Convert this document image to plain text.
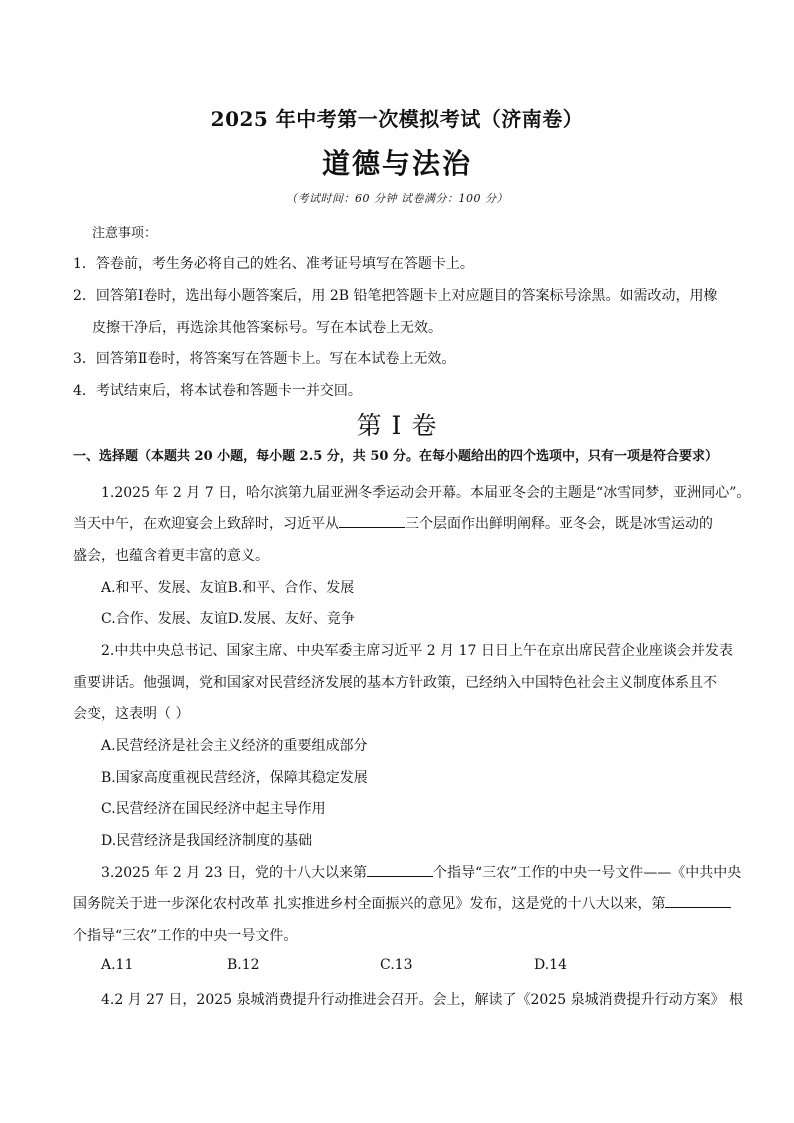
2025 年中考第一次模拟考试（济南卷）
道德与法治
（考试时间：60 分钟 试卷满分：100 分）
注意事项：
1．答卷前，考生务必将自己的姓名、准考证号填写在答题卡上。
2．回答第Ⅰ卷时，选出每小题答案后，用 2B 铅笔把答题卡上对应题目的答案标号涂黑。如需改动，用橡
皮擦干净后，再选涂其他答案标号。写在本试卷上无效。
3．回答第Ⅱ卷时，将答案写在答题卡上。写在本试卷上无效。
4．考试结束后，将本试卷和答题卡一并交回。
第 I 卷
一、选择题（本题共 20 小题，每小题 2.5 分，共 50 分。在每小题给出的四个选项中，只有一项是符合要求）
1.2025 年 2 月 7 日，哈尔滨第九届亚洲冬季运动会开幕。本届亚冬会的主题是“冰雪同梦，亚洲同心”。
当天中午，在欢迎宴会上致辞时，习近平从	三个层面作出鲜明阐释。亚冬会，既是冰雪运动的
盛会，也蕴含着更丰富的意义。
A.和平、发展、友谊B.和平、合作、发展
C.合作、发展、友谊D.发展、友好、竞争
2.中共中央总书记、国家主席、中央军委主席习近平 2 月 17 日日上午在京出席民营企业座谈会并发表
重要讲话。他强调，党和国家对民营经济发展的基本方针政策，已经纳入中国特色社会主义制度体系且不
会变，这表明（ ）
A.民营经济是社会主义经济的重要组成部分
B.国家高度重视民营经济，保障其稳定发展
C.民营经济在国民经济中起主导作用
D.民营经济是我国经济制度的基础
3.2025 年 2 月 23 日，党的十八大以来第	个指导“三农”工作的中央一号文件——《中共中央
国务院关于进一步深化农村改革 扎实推进乡村全面振兴的意见》发布，这是党的十八大以来，第
个指导“三农”工作的中央一号文件。
A.11	B.12	C.13	D.14
4.2 月 27 日，2025 泉城消费提升行动推进会召开。会上，解读了《2025 泉城消费提升行动方案》 根
